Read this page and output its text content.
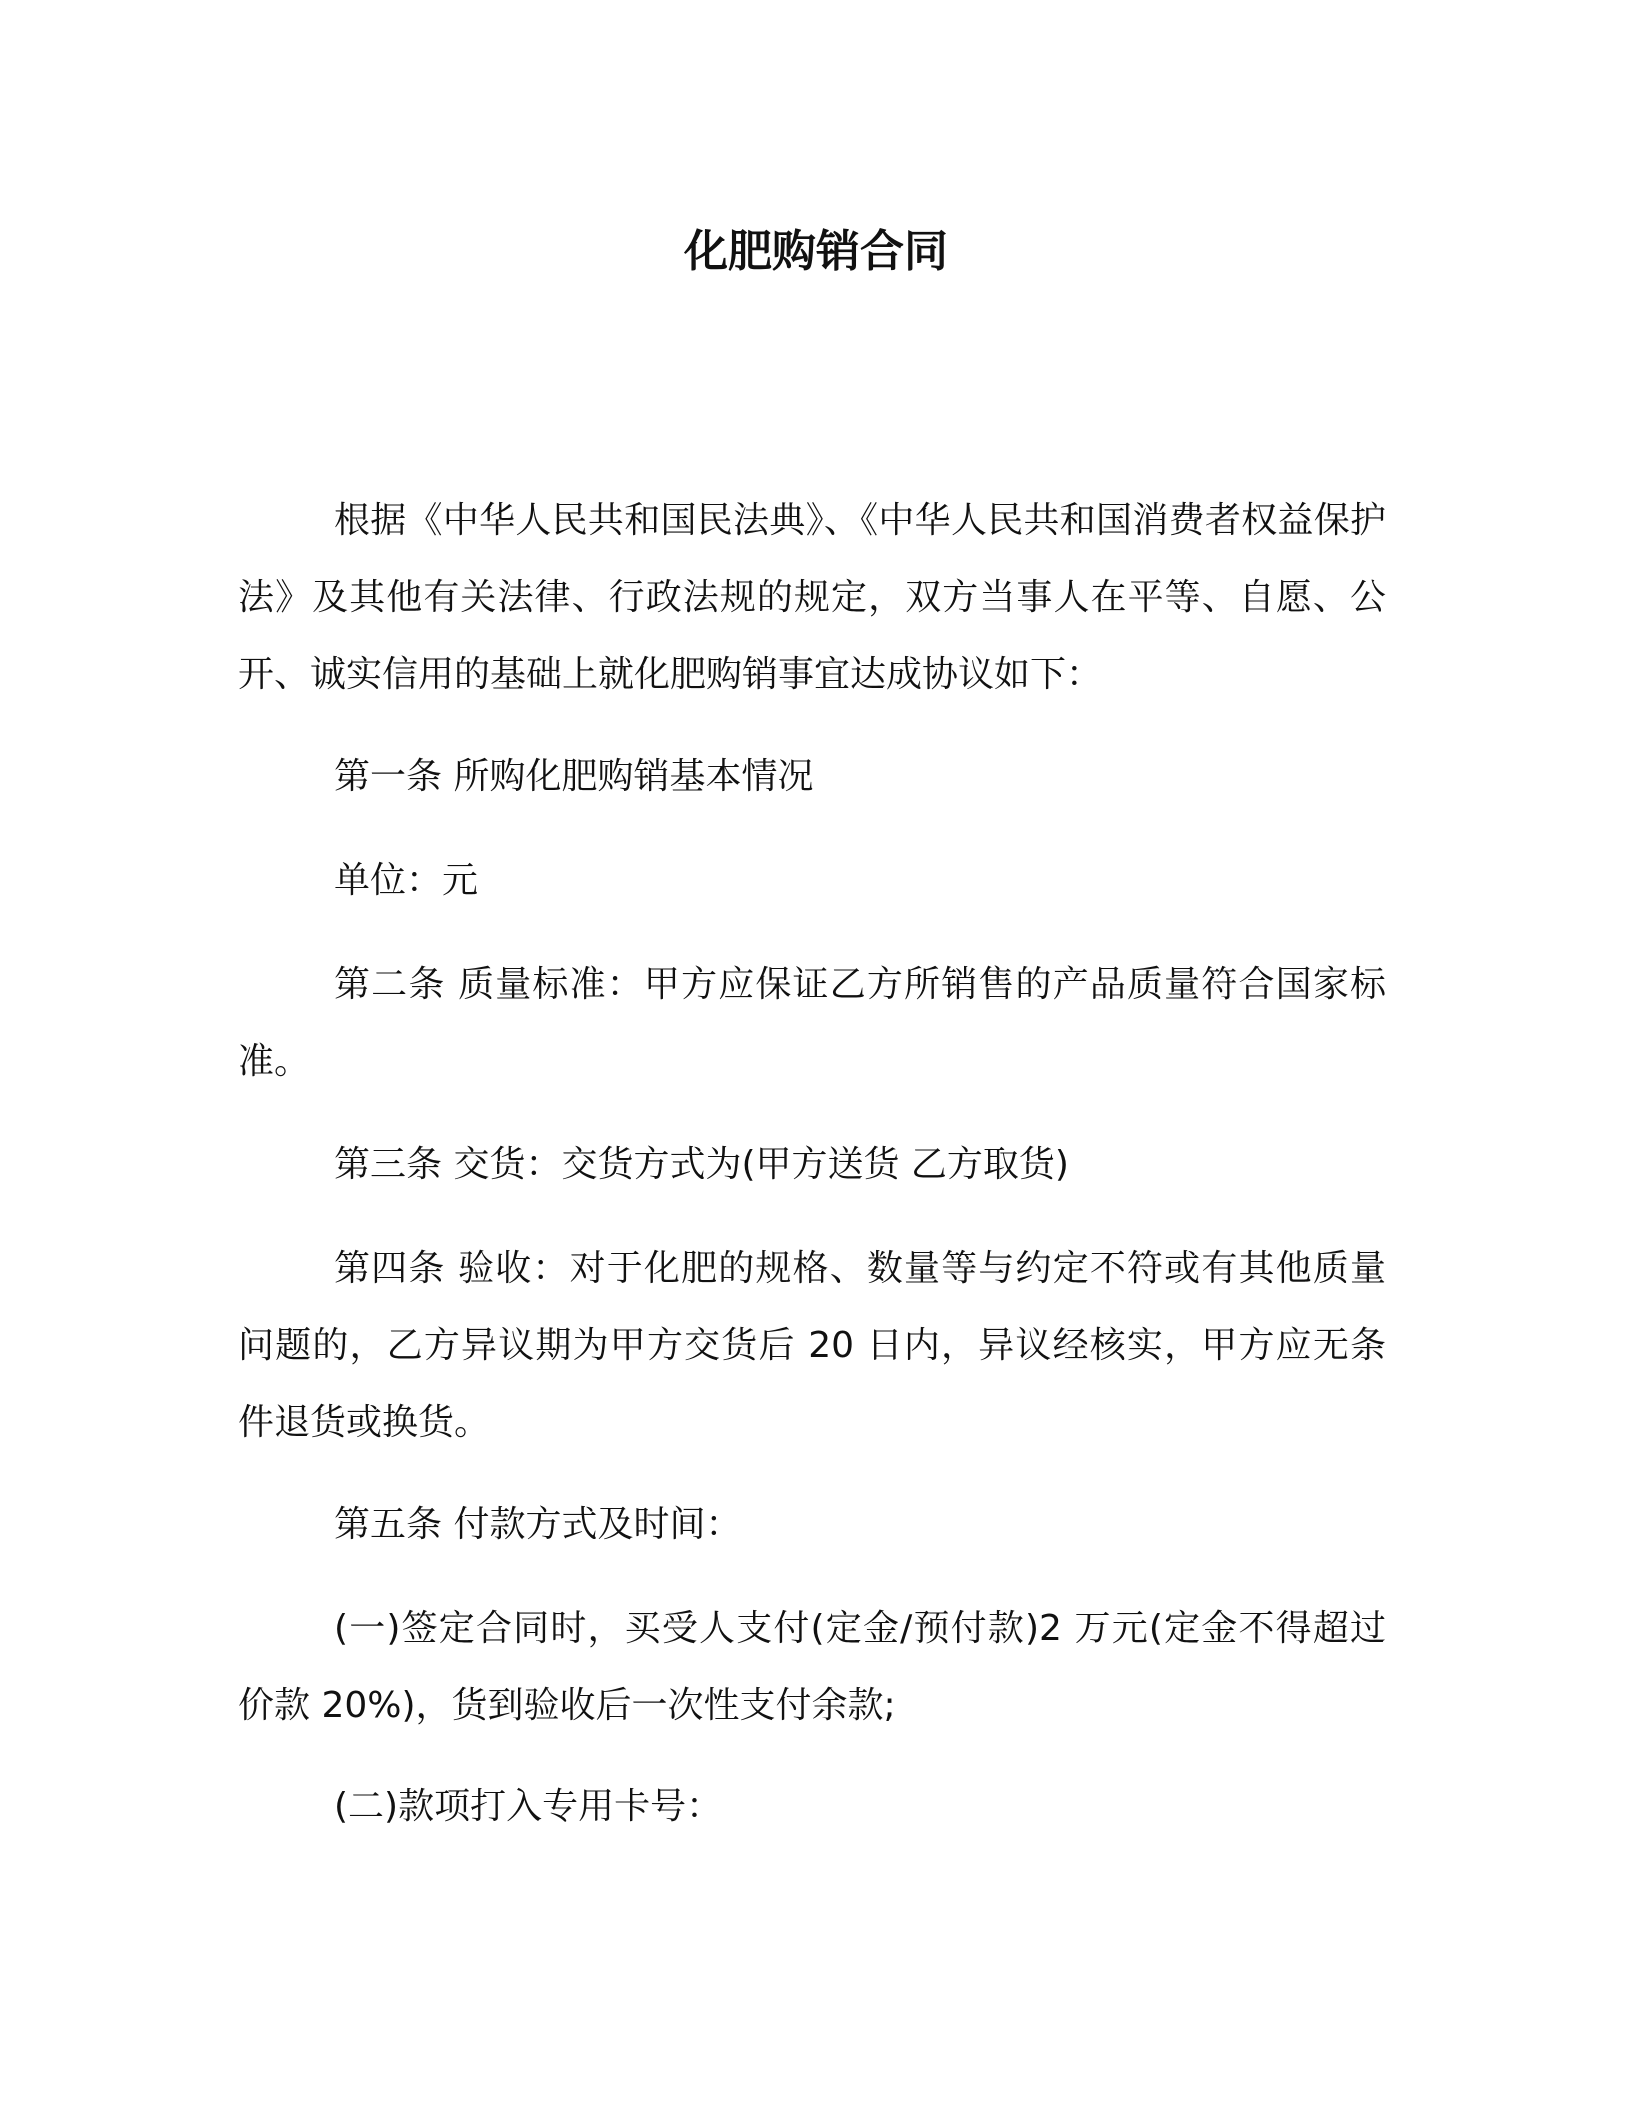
化肥购销合同

根据《中华人民共和国民法典》、《中华人民共和国消费者权益保护法》及其他有关法律、行政法规的规定，双方当事人在平等、自愿、公开、诚实信用的基础上就化肥购销事宜达成协议如下：

第一条 所购化肥购销基本情况

单位：元

第二条 质量标准：甲方应保证乙方所销售的产品质量符合国家标准。

第三条 交货：交货方式为(甲方送货 乙方取货)

第四条 验收：对于化肥的规格、数量等与约定不符或有其他质量问题的，乙方异议期为甲方交货后 20 日内，异议经核实，甲方应无条件退货或换货。

第五条 付款方式及时间：

(一)签定合同时，买受人支付(定金/预付款)2 万元(定金不得超过价款 20%)，货到验收后一次性支付余款;

(二)款项打入专用卡号：
